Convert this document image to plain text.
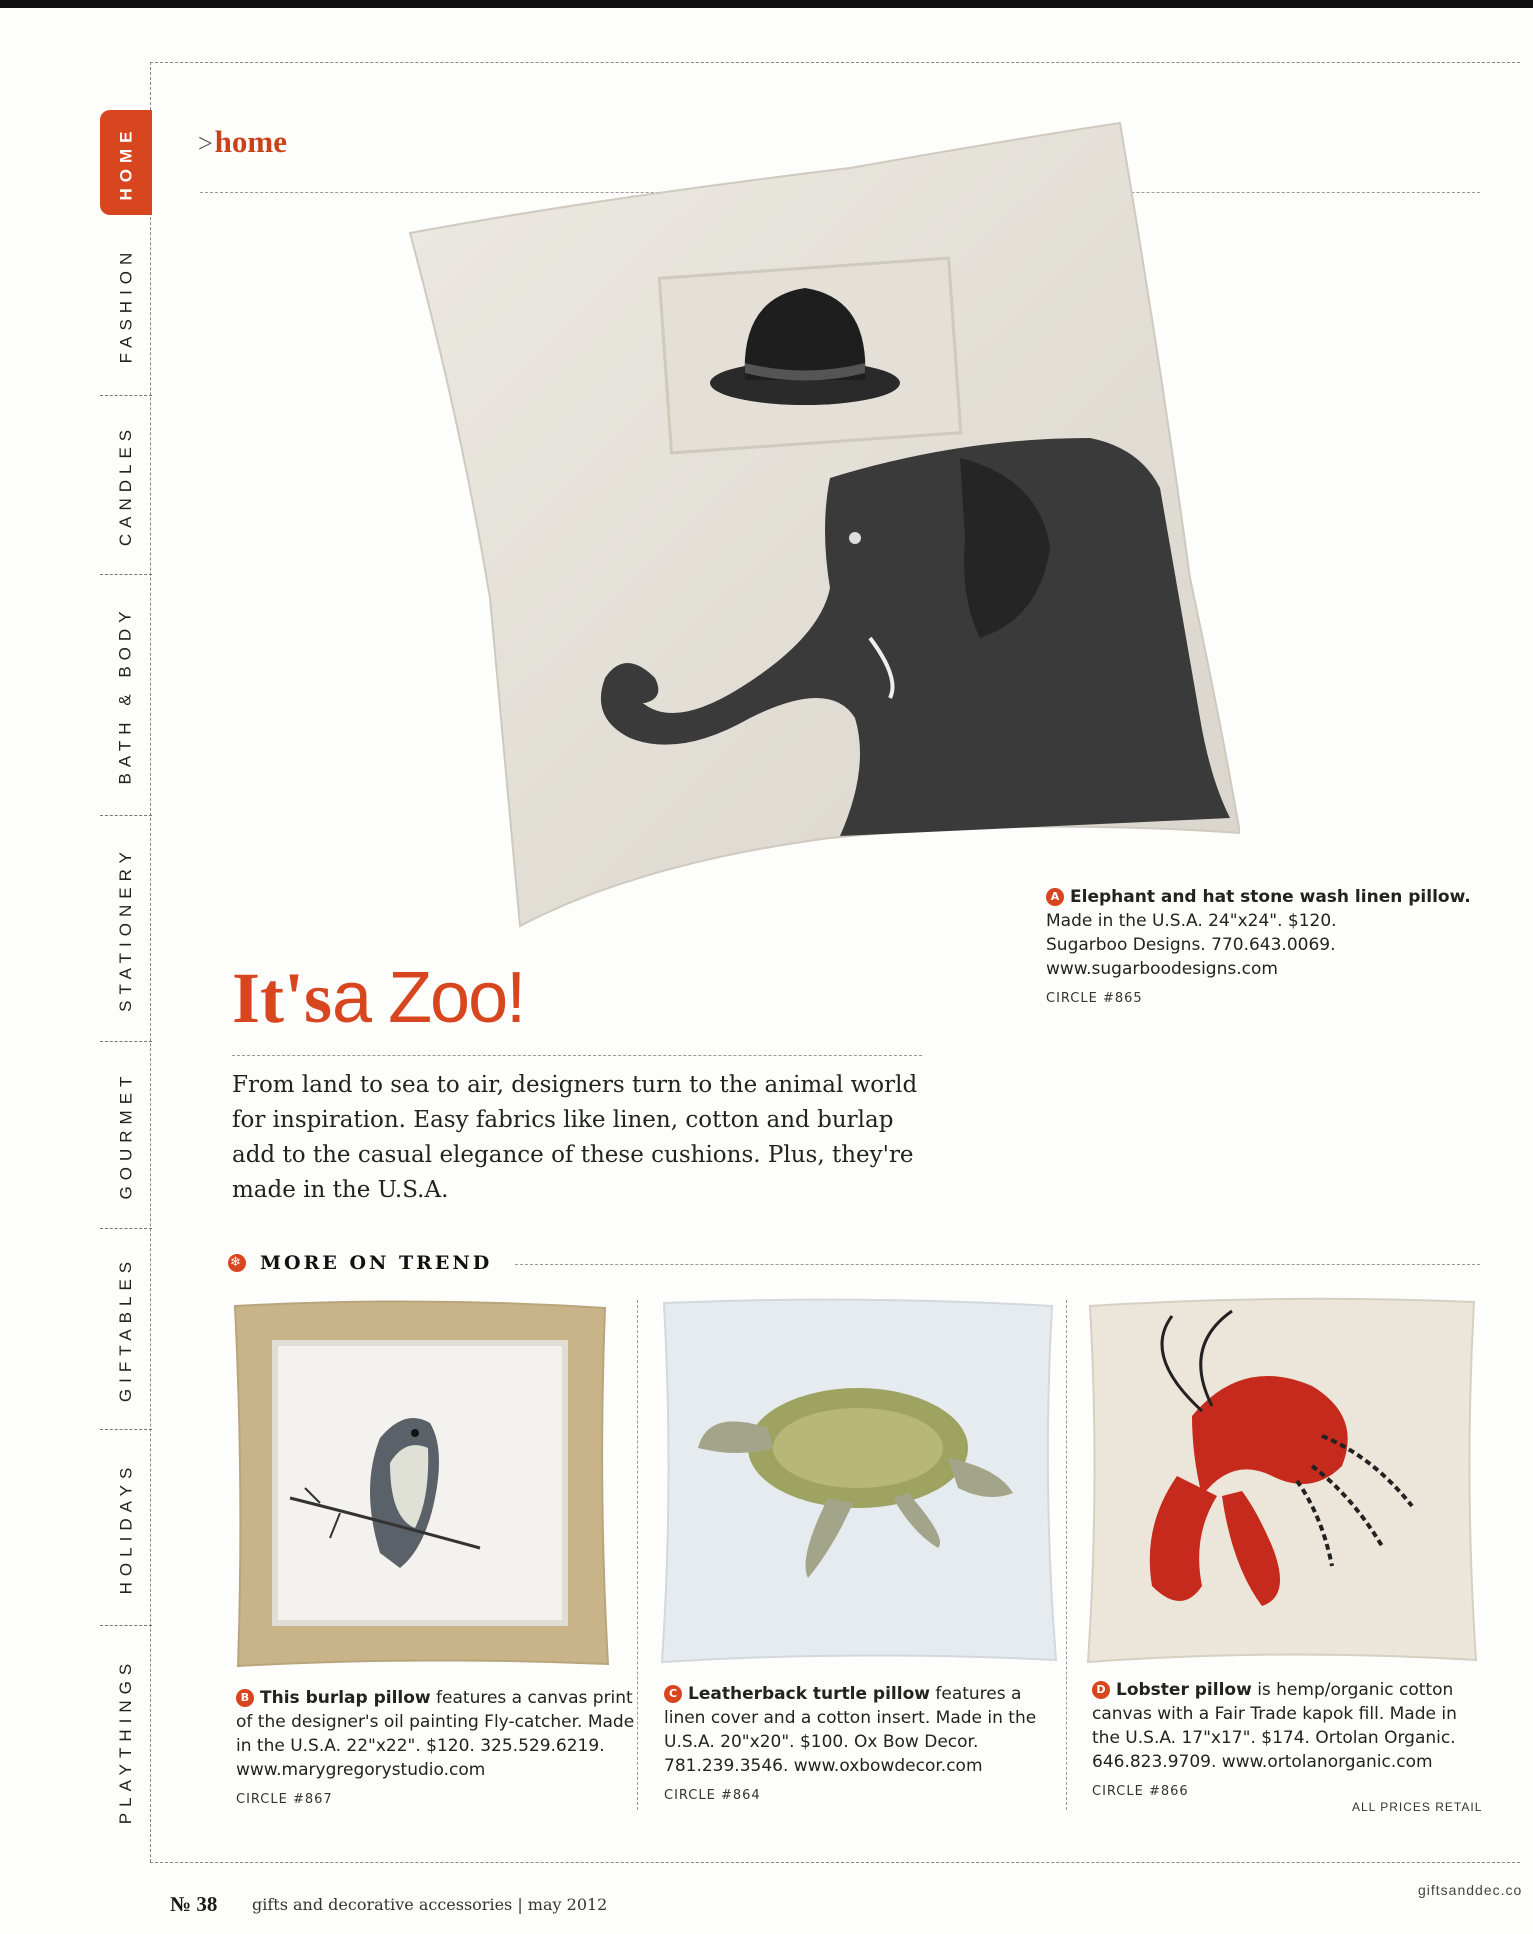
HOME
FASHION
CANDLES
BATH & BODY
STATIONERY
GOURMET
GIFTABLES
HOLIDAYS
PLAYTHINGS
>home
A Elephant and hat stone wash linen pillow.
Made in the U.S.A. 24"x24". $120.
Sugarboo Designs. 770.643.0069.
www.sugarboodesigns.com
CIRCLE #865
It'sa Zoo!
From land to sea to air, designers turn to the animal world for inspiration. Easy fabrics like linen, cotton and burlap add to the casual elegance of these cushions. Plus, they're made in the U.S.A.
❄ MORE ON TREND
B This burlap pillow features a canvas print of the designer's oil painting Fly-catcher. Made in the U.S.A. 22"x22". $120. 325.529.6219. www.marygregorystudio.com
CIRCLE #867
C Leatherback turtle pillow features a linen cover and a cotton insert. Made in the U.S.A. 20"x20". $100. Ox Bow Decor. 781.239.3546. www.oxbowdecor.com
CIRCLE #864
D Lobster pillow is hemp/organic cotton canvas with a Fair Trade kapok fill. Made in the U.S.A. 17"x17". $174. Ortolan Organic. 646.823.9709. www.ortolanorganic.com
CIRCLE #866
ALL PRICES RETAIL
№ 38 gifts and decorative accessories | may 2012
giftsanddec.co
